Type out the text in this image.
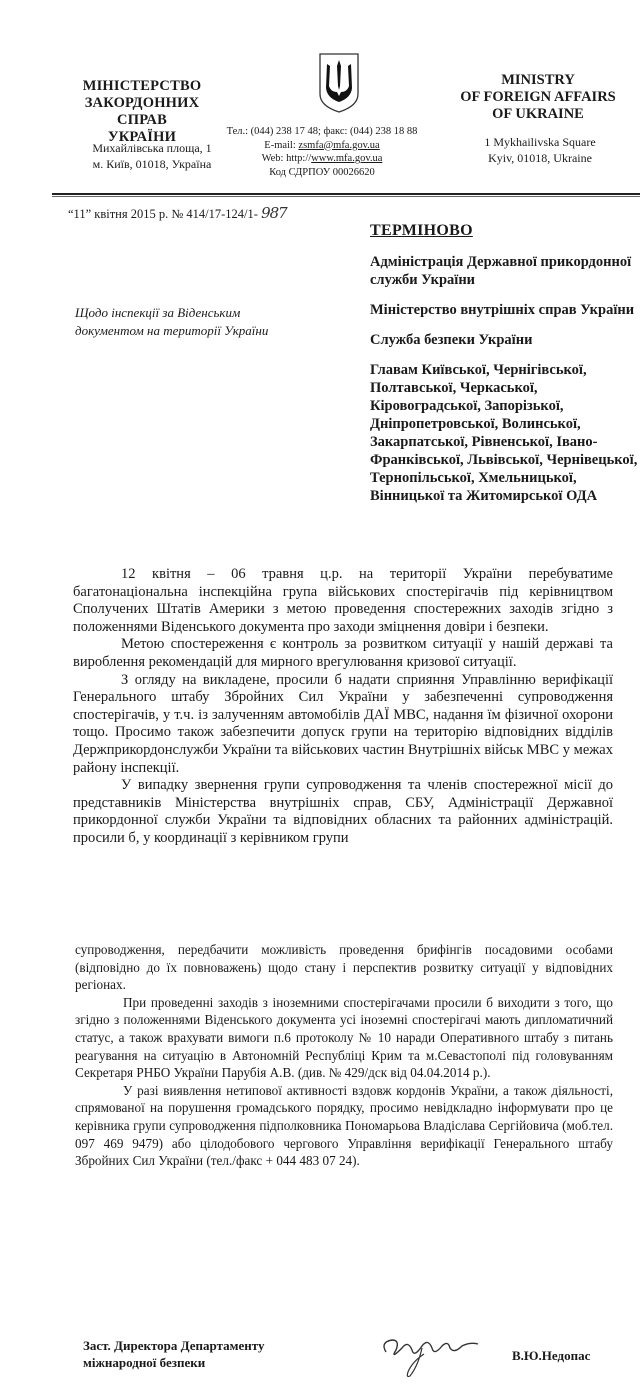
МІНІСТЕРСТВО
ЗАКОРДОННИХ СПРАВ
УКРАЇНИ
Михайлівська площа, 1
м. Київ, 01018, Україна
Тел.: (044) 238 17 48; факс: (044) 238 18 88
E-mail: zsmfa@mfa.gov.ua
Web: http://www.mfa.gov.ua
Код СДРПОУ 00026620
MINISTRY
OF FOREIGN AFFAIRS
OF UKRAINE
1 Mykhailivska Square
Kyiv, 01018, Ukraine
“11” квітня 2015 р. № 414/17-124/1- 987
Щодо інспекції за Віденським
документом на території України
ТЕРМІНОВО
Адміністрація Державної прикордонної служби України
Міністерство внутрішніх справ України
Служба безпеки України
Главам Київської, Чернігівської, Полтавської, Черкаської, Кіровоградської, Запорізької, Дніпропетровської, Волинської, Закарпатської, Рівненської, Івано-Франківської, Львівської, Чернівецької, Тернопільської, Хмельницької, Вінницької та Житомирської ОДА

12 квітня – 06 травня ц.р. на території України перебуватиме багатонаціональна інспекційна група військових спостерігачів під керівництвом Сполучених Штатів Америки з метою проведення спостережних заходів згідно з положеннями Віденського документа про заходи зміцнення довіри і безпеки.

Метою спостереження є контроль за розвитком ситуації у нашій державі та вироблення рекомендацій для мирного врегулювання кризової ситуації.

З огляду на викладене, просили б надати сприяння Управлінню верифікації Генерального штабу Збройних Сил України у забезпеченні супроводження спостерігачів, у т.ч. із залученням автомобілів ДАЇ МВС, надання їм фізичної охорони тощо. Просимо також забезпечити допуск групи на територію відповідних відділів Держприкордонслужби України та військових частин Внутрішніх військ МВС у межах району інспекції.

У випадку звернення групи супроводження та членів спостережної місії до представників Міністерства внутрішніх справ, СБУ, Адміністрації Державної прикордонної служби України та відповідних обласних та районних адміністрацій. просили б, у координації з керівником групи

супроводження, передбачити можливість проведення брифінгів посадовими особами (відповідно до їх повноважень) щодо стану і перспектив розвитку ситуації у відповідних регіонах.

При проведенні заходів з іноземними спостерігачами просили б виходити з того, що згідно з положеннями Віденського документа усі іноземні спостерігачі мають дипломатичний статус, а також врахувати вимоги п.6 протоколу № 10 наради Оперативного штабу з питань реагування на ситуацію в Автономній Республіці Крим та м.Севастополі під головуванням Секретаря РНБО України Парубія А.В. (див. № 429/дск від 04.04.2014 р.).

У разі виявлення нетипової активності вздовж кордонів України, а також діяльності, спрямованої на порушення громадського порядку, просимо невідкладно інформувати про це керівника групи супроводження підполковника Пономарьова Владіслава Сергійовича (моб.тел. 097 469 9479) або цілодобового чергового Управління верифікації Генерального штабу Збройних Сил України (тел./факс + 044 483 07 24).

Заст. Директора Департаменту
міжнародної безпеки	В.Ю.Недопас
